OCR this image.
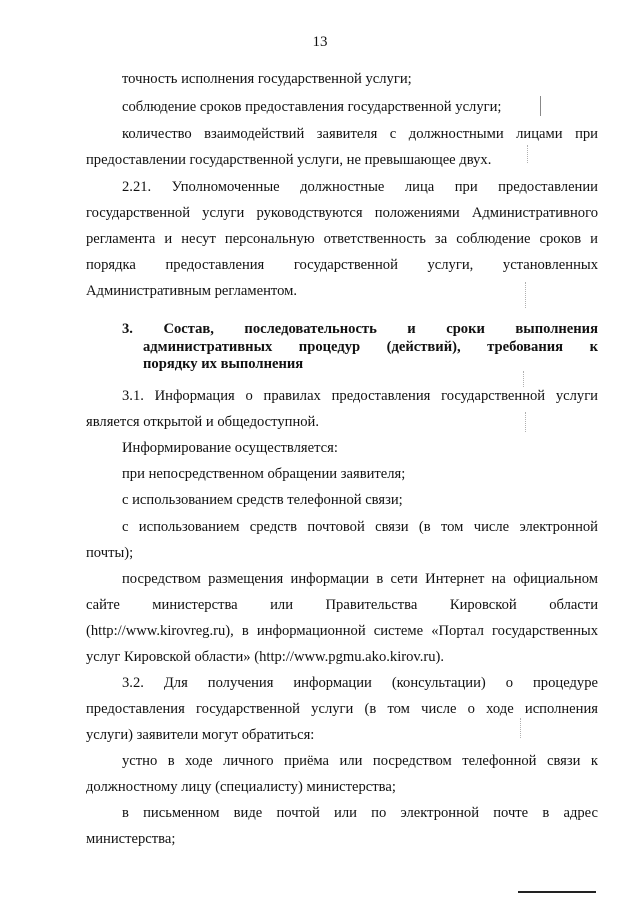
13
точность исполнения государственной услуги;
соблюдение сроков предоставления государственной услуги;
количество взаимодействий заявителя с должностными лицами при
предоставлении государственной услуги, не превышающее двух.
2.21. Уполномоченные должностные лица при предоставлении
государственной услуги руководствуются положениями Административного
регламента и несут персональную ответственность за соблюдение сроков и
порядка предоставления государственной услуги, установленных
Административным регламентом.
3. Состав, последовательность и сроки выполнения
административных процедур (действий), требования к
порядку их выполнения
3.1. Информация о правилах предоставления государственной услуги
является открытой и общедоступной.
Информирование осуществляется:
при непосредственном обращении заявителя;
с использованием средств телефонной связи;
с использованием средств почтовой связи (в том числе электронной
почты);
посредством размещения информации в сети Интернет на официальном
сайте министерства или Правительства Кировской области
(http://www.kirovreg.ru), в информационной системе «Портал государственных
услуг Кировской области» (http://www.pgmu.ako.kirov.ru).
3.2. Для получения информации (консультации) о процедуре
предоставления государственной услуги (в том числе о ходе исполнения
услуги) заявители могут обратиться:
устно в ходе личного приёма или посредством телефонной связи к
должностному лицу (специалисту) министерства;
в письменном виде почтой или по электронной почте в адрес
министерства;
